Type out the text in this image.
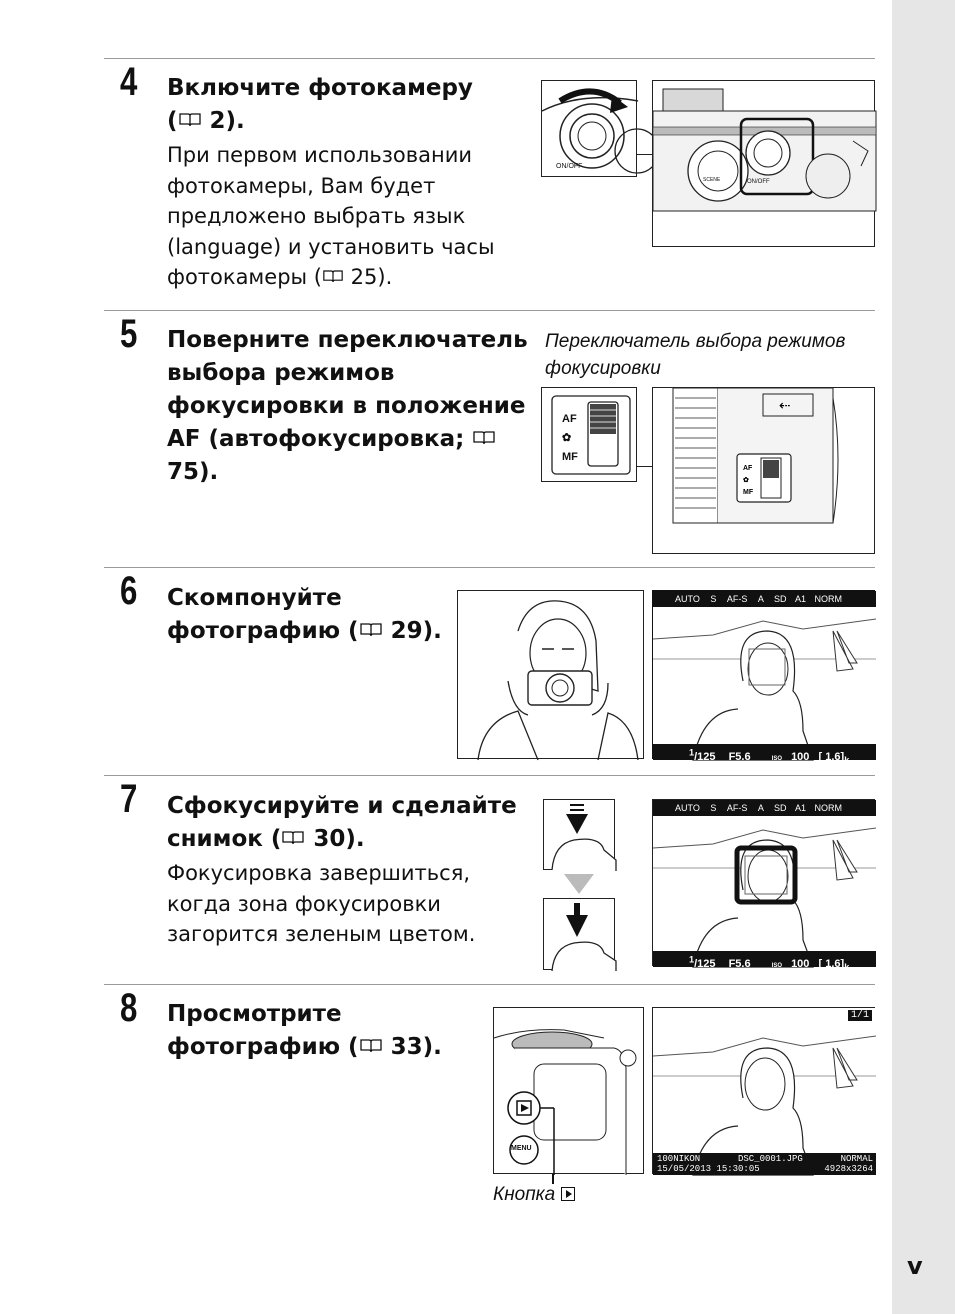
v
4 Включите фотокамеру
( 2).
При первом использовании
фотокамеры, Вам будет
предложено выбрать язык
(language) и установить часы
фотокамеры ( 25).
ON/OFF
ON/OFF
SCENE
5 Поверните переключатель
выбора режимов
фокусировки в положение
AF (автофокусировка;  75).
Переключатель выбора режимов
фокусировки
AF
✿
MF
⇠
AF
✿
MF
6 Скомпонуйте
фотографию ( 29).
AUTO S AF-S A SD A1 NORM
$^1$/125 F5.6	ISO 100 [ $1.6]_k$
7 Сфокусируйте и сделайте
снимок ( 30).
Фокусировка завершиться,
когда зона фокусировки
загорится зеленым цветом.
AUTO S AF-S A SD A1 NORM
$^1$/125 F5.6	ISO 100 [ $1.6]_k$
8 Просмотрите
фотографию ( 33).
MENU
Кнопка
1/1
100NIKON	DSC_0001.JPG	NORMAL
15/05/2013 15:30:05	4928x3264
